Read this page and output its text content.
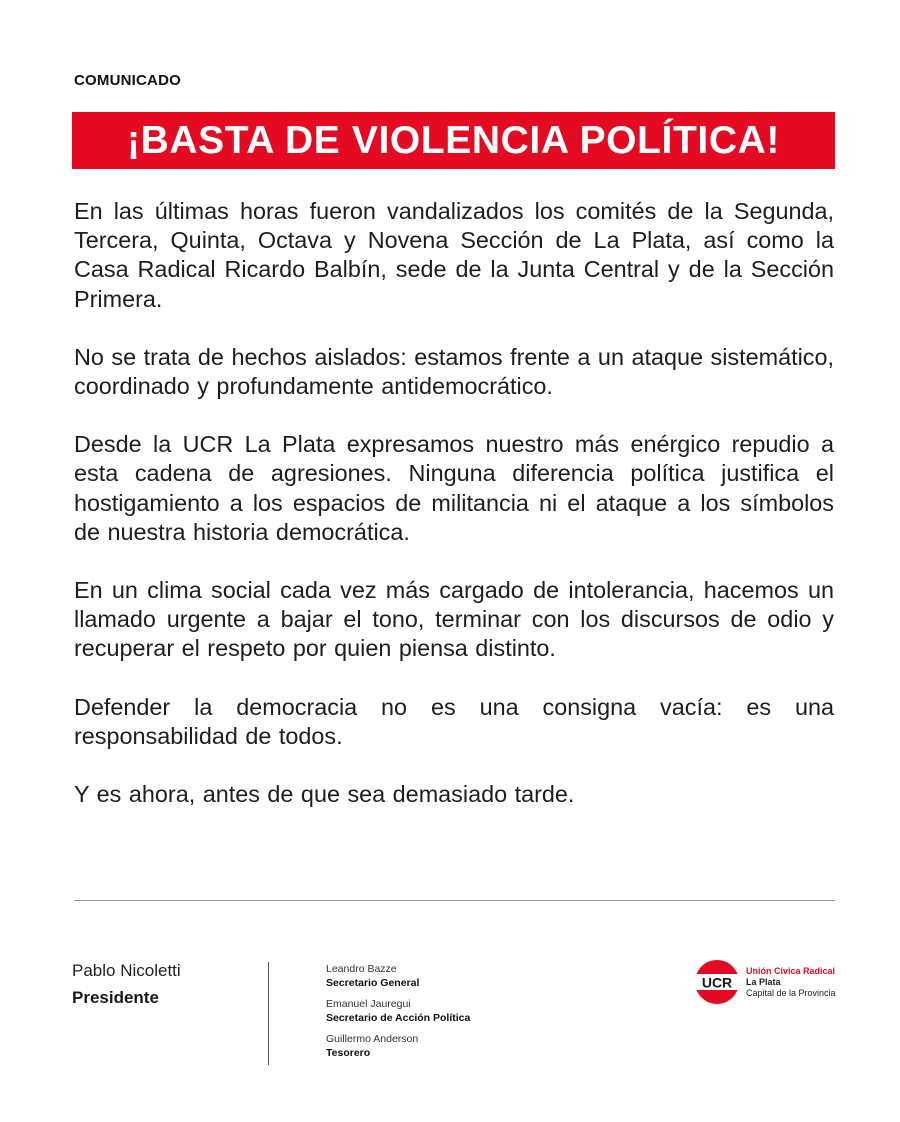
COMUNICADO
¡BASTA DE VIOLENCIA POLÍTICA!

En las últimas horas fueron vandalizados los comités de la Segunda, Tercera, Quinta, Octava y Novena Sección de La Plata, así como la Casa Radical Ricardo Balbín, sede de la Junta Central y de la Sección Primera.

No se trata de hechos aislados: estamos frente a un ataque sistemático, coordinado y profundamente antidemocrático.

Desde la UCR La Plata expresamos nuestro más enérgico repudio a esta cadena de agresiones. Ninguna diferencia política justifica el hostigamiento a los espacios de militancia ni el ataque a los símbolos de nuestra historia democrática.

En un clima social cada vez más cargado de intolerancia, hacemos un llamado urgente a bajar el tono, terminar con los discursos de odio y recuperar el respeto por quien piensa distinto.

Defender la democracia no es una consigna vacía: es una responsabilidad de todos.

Y es ahora, antes de que sea demasiado tarde.

Pablo Nicoletti
Presidente
Leandro Bazze
Secretario General
Emanuel Jauregui
Secretario de Acción Política
Guillermo Anderson
Tesorero
UCR
Unión Cívica Radical
La Plata
Capital de la Provincia
